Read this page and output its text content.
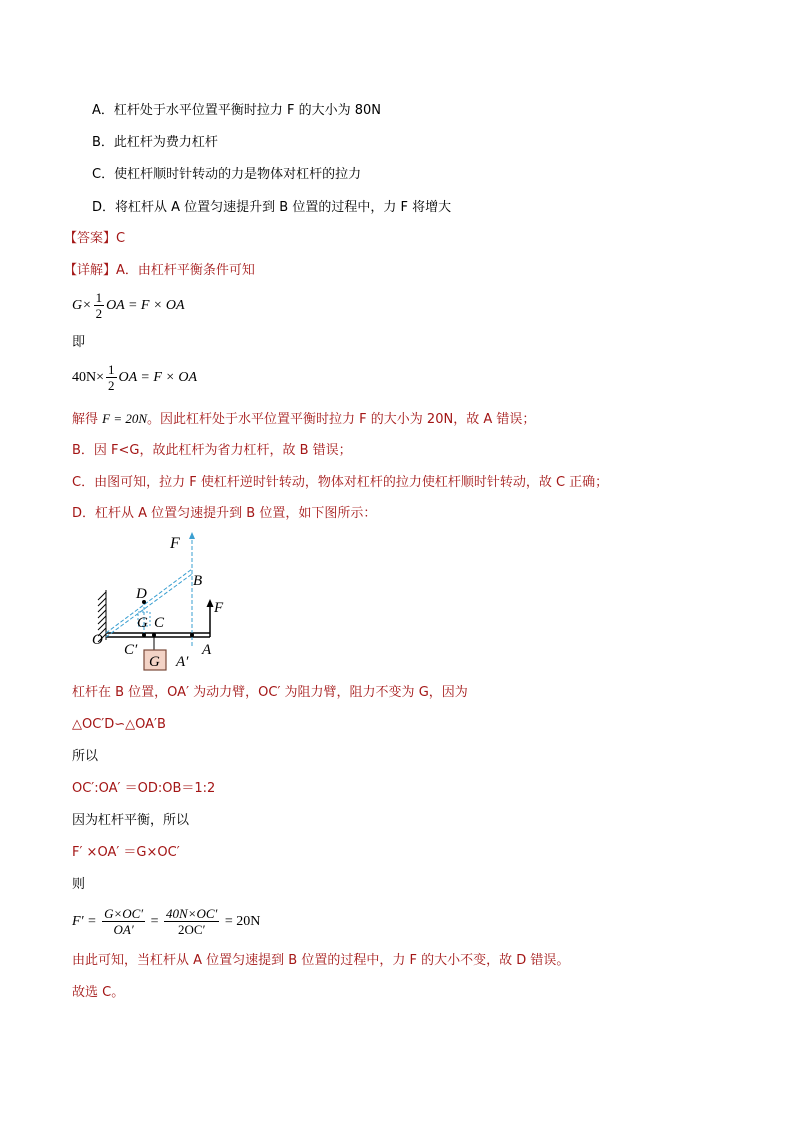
A．杠杆处于水平位置平衡时拉力 F 的大小为 80N
B．此杠杆为费力杠杆
C．使杠杆顺时针转动的力是物体对杠杆的拉力
D．将杠杆从 A 位置匀速提升到 B 位置的过程中，力 F 将增大
【答案】C
【详解】A．由杠杆平衡条件可知
$G\times \frac{1}{2}$ OA = F × OA
即
$40N\times \frac{1}{2}$ OA = F × OA
解得 F = 20N。因此杠杆处于水平位置平衡时拉力 F 的大小为 20N，故 A 错误；
B．因 F<G，故此杠杆为省力杠杆，故 B 错误；
C．由图可知，拉力 F 使杠杆逆时针转动，物体对杠杆的拉力使杠杆顺时针转动，故 C 正确；
D．杠杆从 A 位置匀速提升到 B 位置，如下图所示：
F
B
D
F
O
G C
C′
A′
A
G
杠杆在 B 位置，OA′ 为动力臂，OC′ 为阻力臂，阻力不变为 G，因为
△OC′D∽△OA′B
所以
OC′:OA′ ＝OD:OB＝1:2
因为杠杆平衡，所以
F′ ×OA′ ＝G×OC′
则
$F' = \frac{G\times OC'}{OA'} = \frac{40N\times OC'}{2OC'} = 20N$
由此可知，当杠杆从 A 位置匀速提到 B 位置的过程中，力 F 的大小不变，故 D 错误。
故选 C。
